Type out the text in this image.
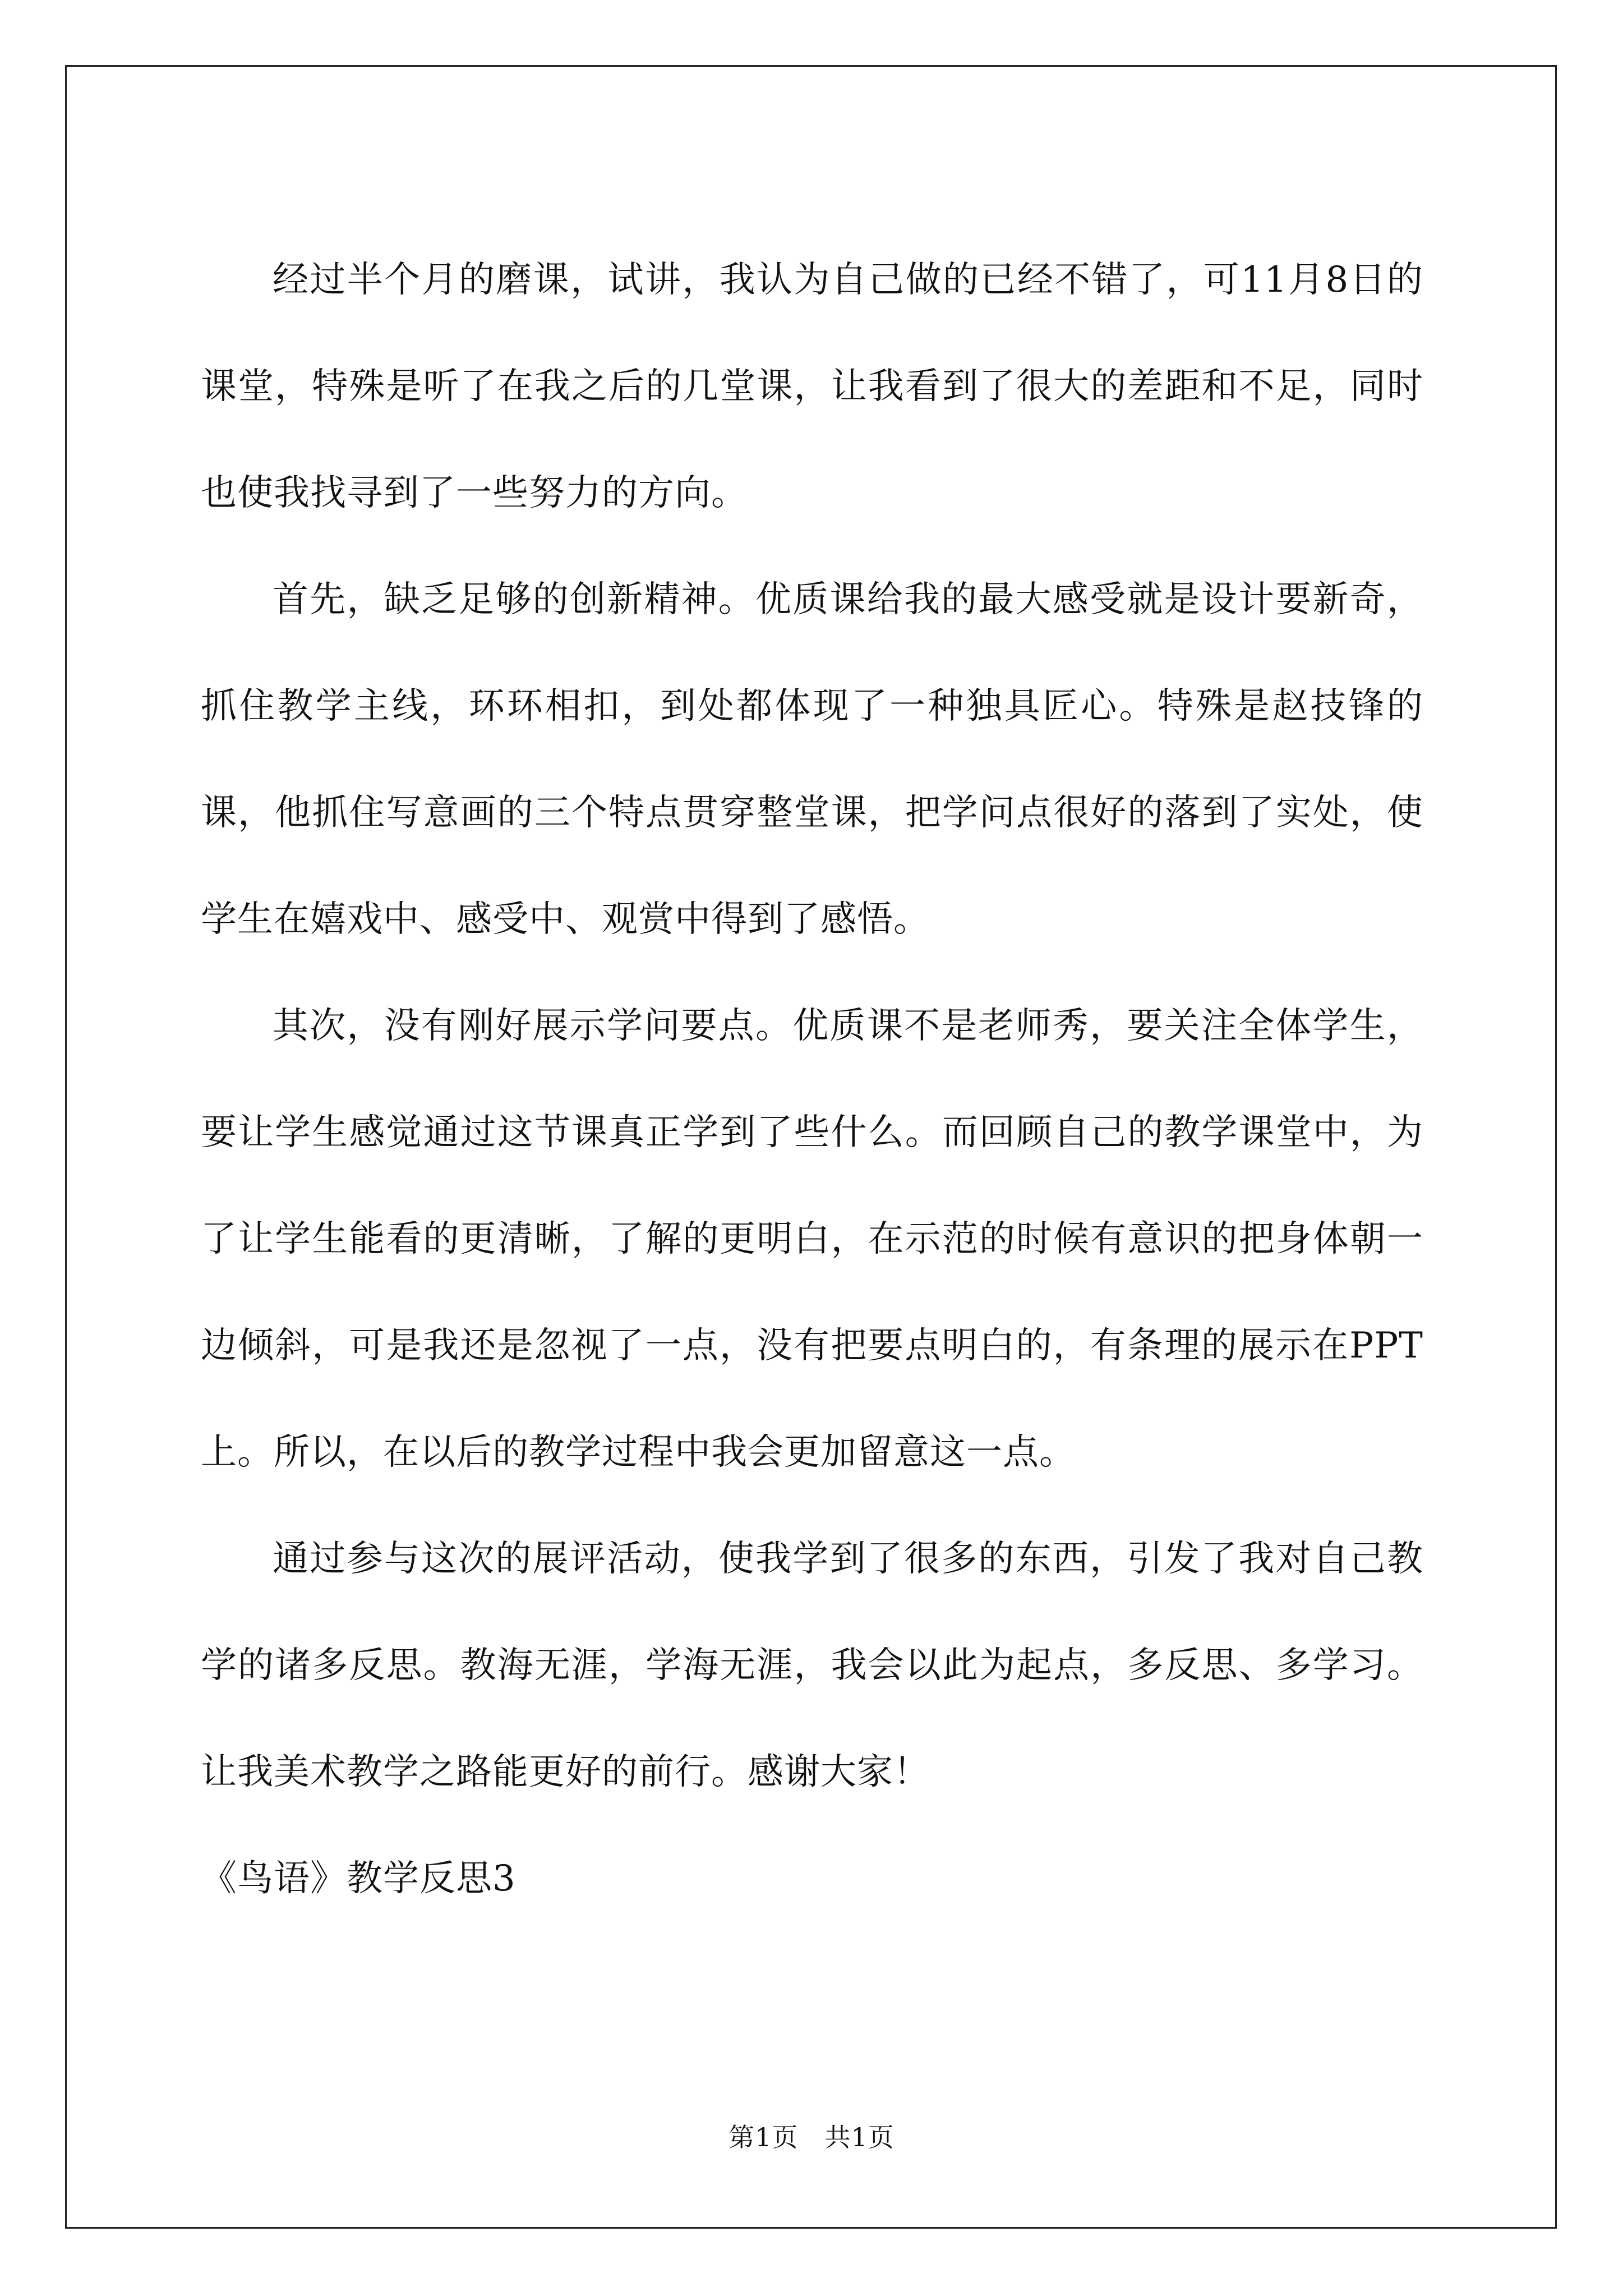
经过半个月的磨课，试讲，我认为自己做的已经不错了，可11月8日的课堂，特殊是听了在我之后的几堂课，让我看到了很大的差距和不足，同时也使我找寻到了一些努力的方向。

首先，缺乏足够的创新精神。优质课给我的最大感受就是设计要新奇，抓住教学主线，环环相扣，到处都体现了一种独具匠心。特殊是赵技锋的课，他抓住写意画的三个特点贯穿整堂课，把学问点很好的落到了实处，使学生在嬉戏中、感受中、观赏中得到了感悟。

其次，没有刚好展示学问要点。优质课不是老师秀，要关注全体学生，要让学生感觉通过这节课真正学到了些什么。而回顾自己的教学课堂中，为了让学生能看的更清晰，了解的更明白，在示范的时候有意识的把身体朝一边倾斜，可是我还是忽视了一点，没有把要点明白的，有条理的展示在PPT上。所以，在以后的教学过程中我会更加留意这一点。

通过参与这次的展评活动，使我学到了很多的东西，引发了我对自己教学的诸多反思。教海无涯，学海无涯，我会以此为起点，多反思、多学习。让我美术教学之路能更好的前行。感谢大家！

《鸟语》教学反思3

第1页　共1页
